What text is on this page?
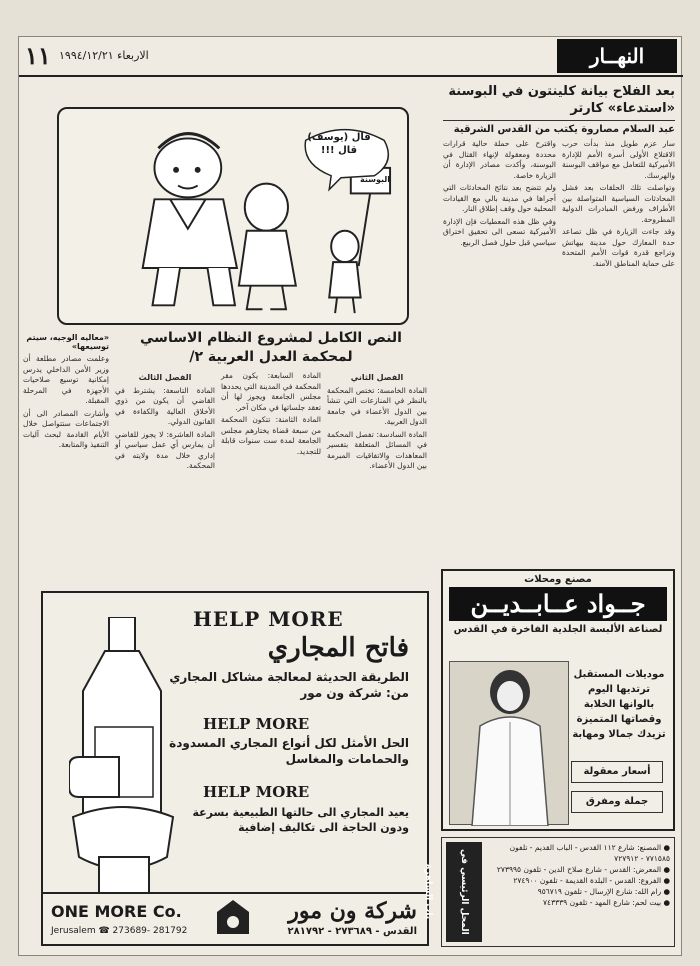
١١ الاربعاء ١٩٩٤/١٢/٢١	النهــار
بعد الفلاح بيانة كلينتون في البوسنة «استدعاء» كارتر
عبد السلام مصاروة يكتب من القدس الشرقية

واقترح على حملة حالية قرارات محددة ومعقولة لإنهاء القتال في البوسنة، وأكدت مصادر الإدارة أن الزيارة خاصة.

ولم تتضح بعد نتائج المحادثات التي أجراها في مدينة بالي مع القيادات المحلية حول وقف إطلاق النار.

وفي ظل هذه المعطيات فإن الإدارة الأميركية تسعى الى تحقيق اختراق سياسي قبل حلول فصل الربيع.

سار عزم طويل منذ بدأت حرب الاقتلاع الأولى أسرة الأمم للإدارة الأميركية للتعامل مع مواقف البوسنة والهرسك.

وتواصلت تلك الحلقات بعد فشل المحادثات السياسية المتواصلة بين الأطراف ورفض المبادرات الدولية المطروحة.

وقد جاءت الزيارة في ظل تصاعد حدة المعارك حول مدينة بيهاتش وتراجع قدرة قوات الأمم المتحدة على حماية المناطق الآمنة.

قال (يوسف) قال !!!
البوسنة
«معاليه الوجيه، سيتم توسيعها»

وعلمت مصادر مطلعة أن وزير الأمن الداخلي يدرس إمكانية توسيع صلاحيات الأجهزة في المرحلة المقبلة.

وأشارت المصادر الى أن الاجتماعات ستتواصل خلال الأيام القادمة لبحث آليات التنفيذ والمتابعة.

النص الكامل لمشروع النظام الاساسي لمحكمة العدل العربية ٢/
الفصل الثالث

المادة التاسعة: يشترط في القاضي أن يكون من ذوي الأخلاق العالية والكفاءة في القانون الدولي.

المادة العاشرة: لا يجوز للقاضي أن يمارس أي عمل سياسي أو إداري خلال مدة ولايته في المحكمة.

المادة السابعة: يكون مقر المحكمة في المدينة التي يحددها مجلس الجامعة ويجوز لها أن تعقد جلساتها في مكان آخر.

المادة الثامنة: تتكون المحكمة من سبعة قضاة يختارهم مجلس الجامعة لمدة ست سنوات قابلة للتجديد.

الفصل الثاني

المادة الخامسة: تختص المحكمة بالنظر في المنازعات التي تنشأ بين الدول الأعضاء في جامعة الدول العربية.

المادة السادسة: تفصل المحكمة في المسائل المتعلقة بتفسير المعاهدات والاتفاقيات المبرمة بين الدول الأعضاء.

HELP MORE
فاتح المجاري
الطريقة الحديثة لمعالجة مشاكل المجاري من: شركة ون مور
HELP MORE
الحل الأمثل لكل أنواع المجاري المسدودة والحمامات والمغاسل
HELP MORE
يعيد المجاري الى حالتها الطبيعية بسرعة ودون الحاجة الى تكاليف إضافية
ONE MORE Co.
Jerusalem ☎ 273689- 281792
شركة ون مور
القدس - ٢٧٣٦٨٩ - ٢٨١٧٩٢
مصنع ومحلات
جــواد عــابــديــن
لصناعة الألبسة الجلدية الفاخرة في القدس
موديلات المستقبل ترتديها اليوم بالوانها الخلابة وقصاتها المتميزة تزيدك جمالا ومهابة
أسعار معقولة
جملة ومفرق
● المصنع: شارع ١١٢ القدس - الباب القديم - تلفون ٧٧١٥٨٥ - ٧٢٧٩١٢
● المعرض: القدس - شارع صلاح الدين - تلفون ٢٧٣٩٩٥
● الفروع: القدس - البلدة القديمة - تلفون ٢٧٤٩٠٠
● رام الله: شارع الإرسال - تلفون ٩٥٦٧١٩
● بيت لحم: شارع المهد - تلفون ٧٤٣٣٣٩
المحل الرئيسي في باب الساهرة
